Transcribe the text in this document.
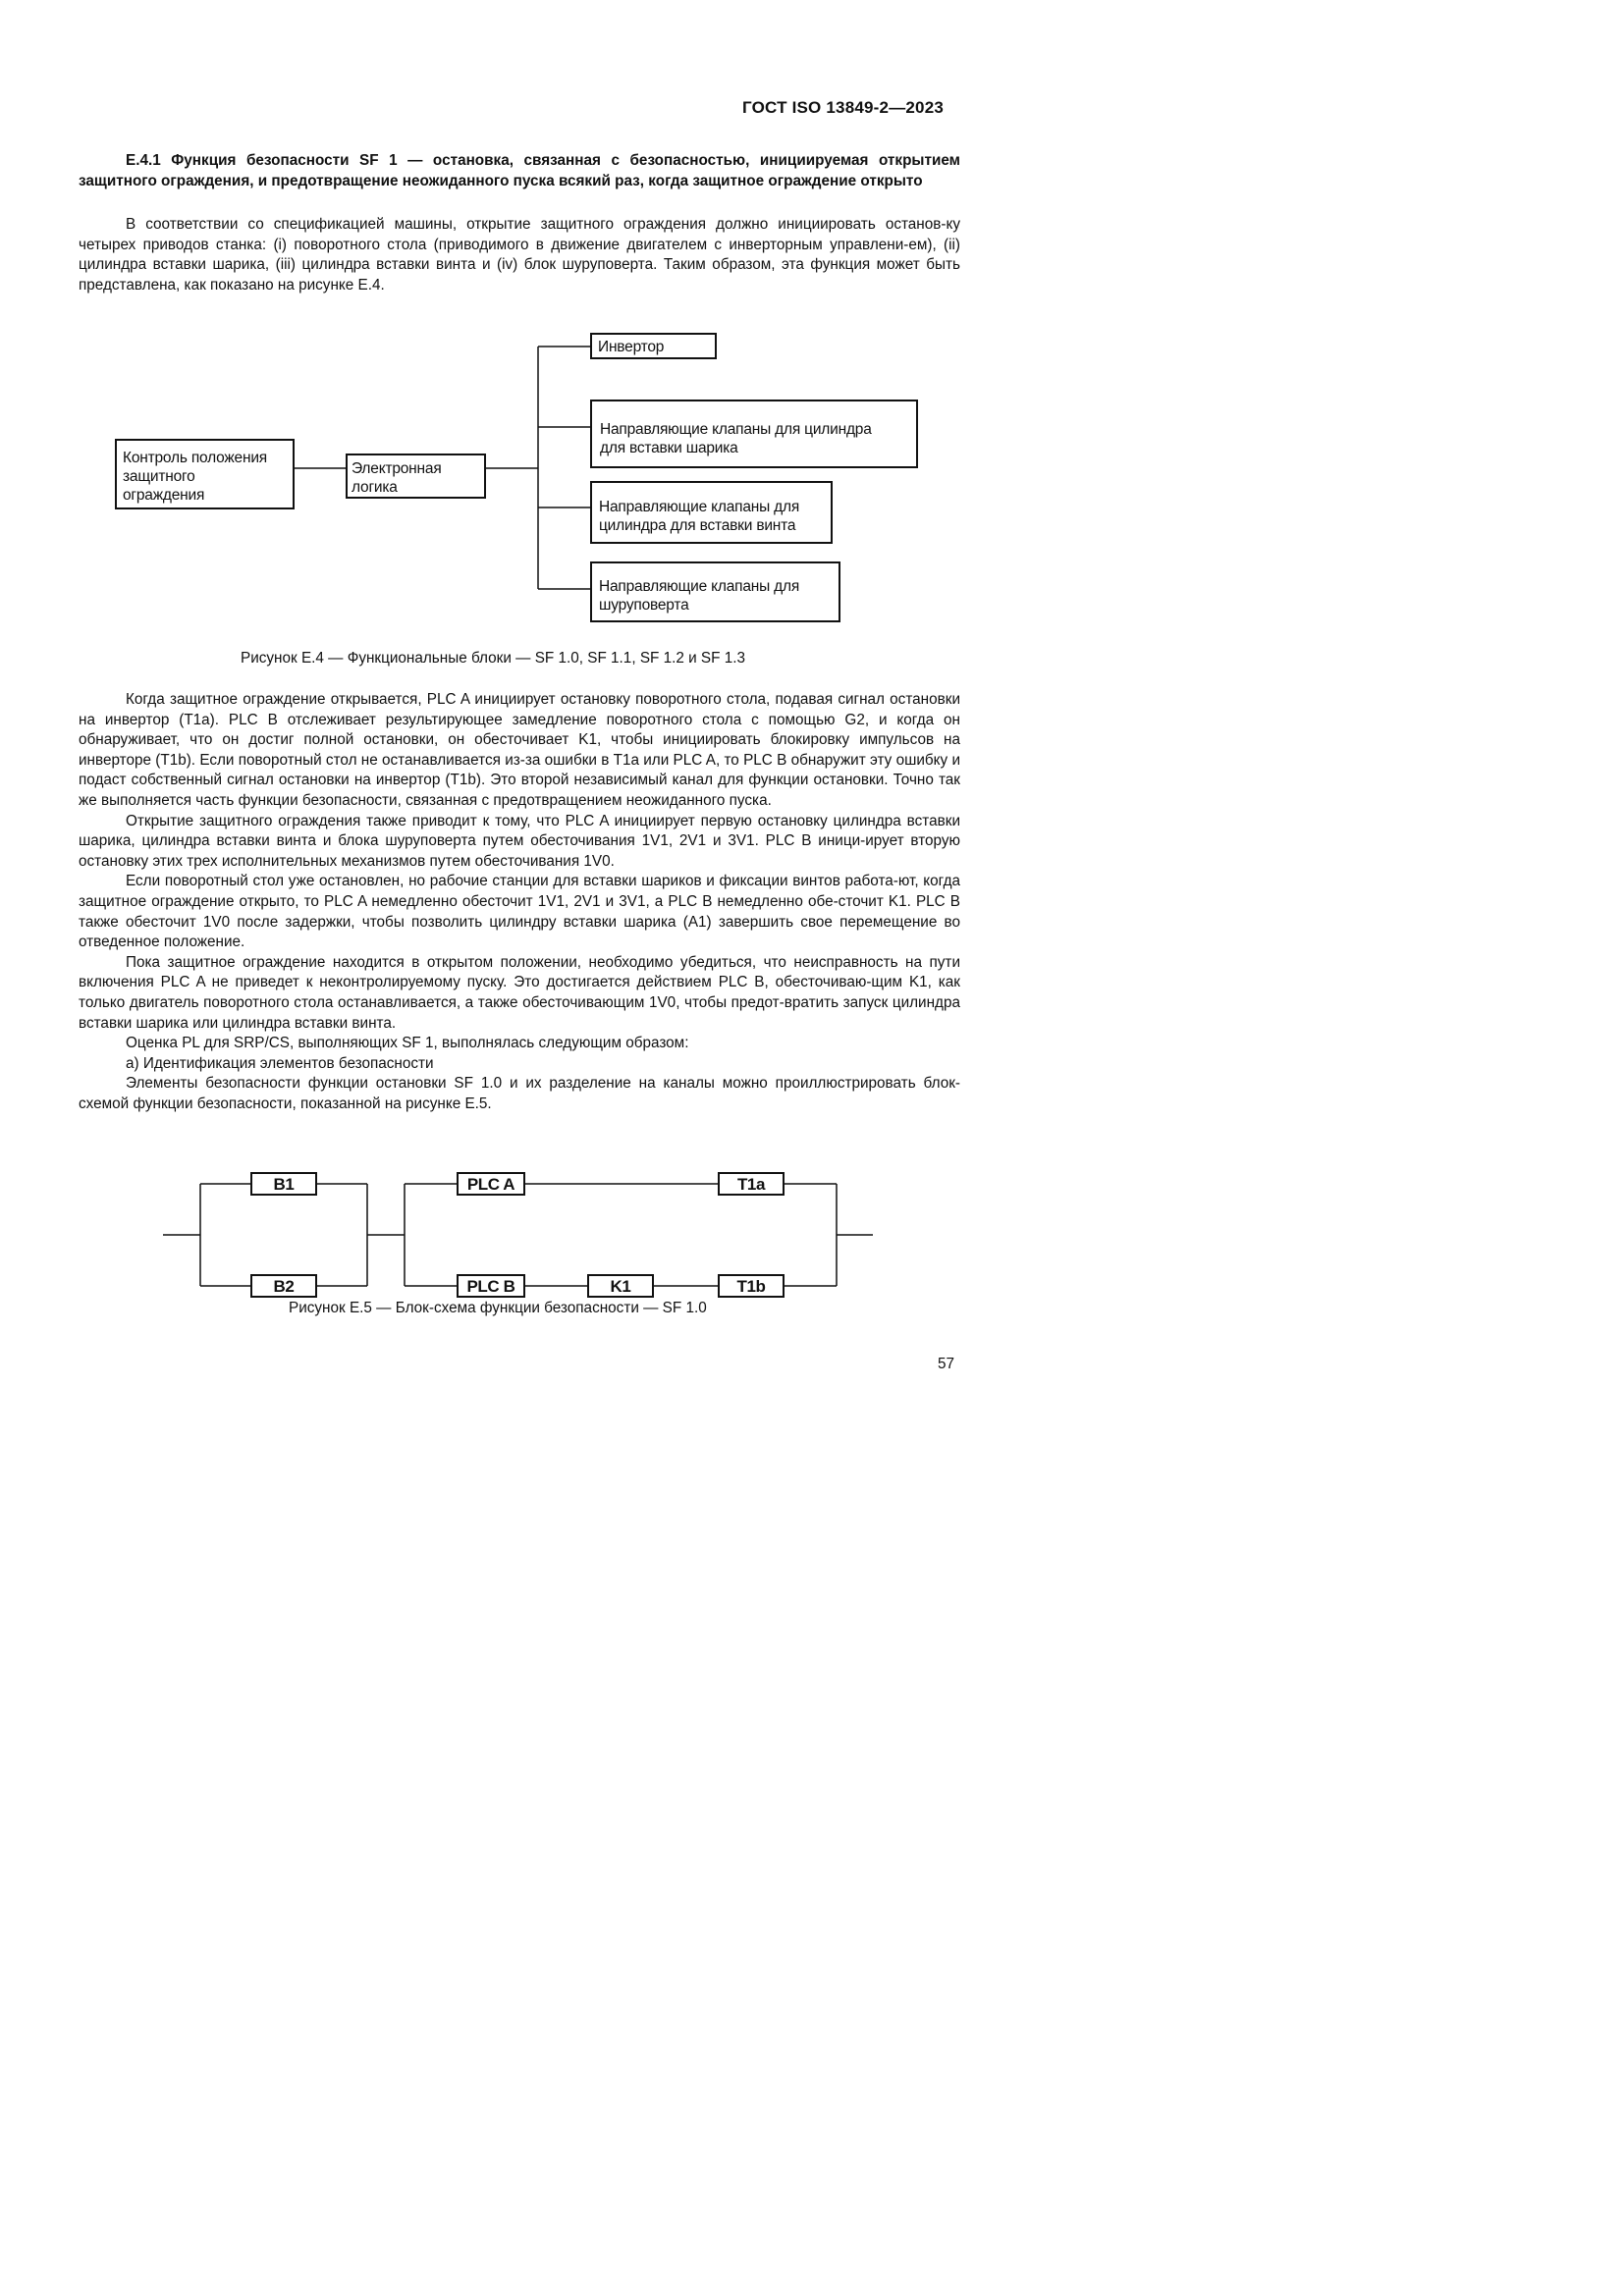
ГОСТ ISO 13849-2—2023
Е.4.1 Функция безопасности SF 1 — остановка, связанная с безопасностью, инициируемая открытием защитного ограждения, и предотвращение неожиданного пуска всякий раз, когда защитное ограждение открыто
В соответствии со спецификацией машины, открытие защитного ограждения должно инициировать останов-ку четырех приводов станка: (i) поворотного стола (приводимого в движение двигателем с инверторным управлени-ем), (ii) цилиндра вставки шарика, (iii) цилиндра вставки винта и (iv) блок шуруповерта. Таким образом, эта функция может быть представлена, как показано на рисунке Е.4.
Контроль положения защитного ограждения
Электронная логика
Инвертор
Направляющие клапаны для цилиндра для вставки шарика
Направляющие клапаны для цилиндра для вставки винта
Направляющие клапаны для шуруповерта
B1
B2
PLC A	T1a
PLC B	K1	T1b
Рисунок Е.4 — Функциональные блоки — SF 1.0, SF 1.1, SF 1.2 и SF 1.3

Когда защитное ограждение открывается, PLC A инициирует остановку поворотного стола, подавая сигнал остановки на инвертор (T1a). PLC B отслеживает результирующее замедление поворотного стола с помощью G2, и когда он обнаруживает, что он достиг полной остановки, он обесточивает K1, чтобы инициировать блокировку импульсов на инверторе (T1b). Если поворотный стол не останавливается из-за ошибки в T1a или PLC A, то PLC B обнаружит эту ошибку и подаст собственный сигнал остановки на инвертор (T1b). Это второй независимый канал для функции остановки. Точно так же выполняется часть функции безопасности, связанная с предотвращением неожиданного пуска.

Открытие защитного ограждения также приводит к тому, что PLC A инициирует первую остановку цилиндра вставки шарика, цилиндра вставки винта и блока шуруповерта путем обесточивания 1V1, 2V1 и 3V1. PLC B иници-ирует вторую остановку этих трех исполнительных механизмов путем обесточивания 1V0.

Если поворотный стол уже остановлен, но рабочие станции для вставки шариков и фиксации винтов работа-ют, когда защитное ограждение открыто, то PLC A немедленно обесточит 1V1, 2V1 и 3V1, а PLC B немедленно обе-сточит K1. PLC B также обесточит 1V0 после задержки, чтобы позволить цилиндру вставки шарика (A1) завершить свое перемещение во отведенное положение.

Пока защитное ограждение находится в открытом положении, необходимо убедиться, что неисправность на пути включения PLC A не приведет к неконтролируемому пуску. Это достигается действием PLC B, обесточиваю-щим K1, как только двигатель поворотного стола останавливается, а также обесточивающим 1V0, чтобы предот-вратить запуск цилиндра вставки шарика или цилиндра вставки винта.

Оценка PL для SRP/CS, выполняющих SF 1, выполнялась следующим образом:

a) Идентификация элементов безопасности

Элементы безопасности функции остановки SF 1.0 и их разделение на каналы можно проиллюстрировать блок-схемой функции безопасности, показанной на рисунке Е.5.

Рисунок Е.5 — Блок-схема функции безопасности — SF 1.0
57
